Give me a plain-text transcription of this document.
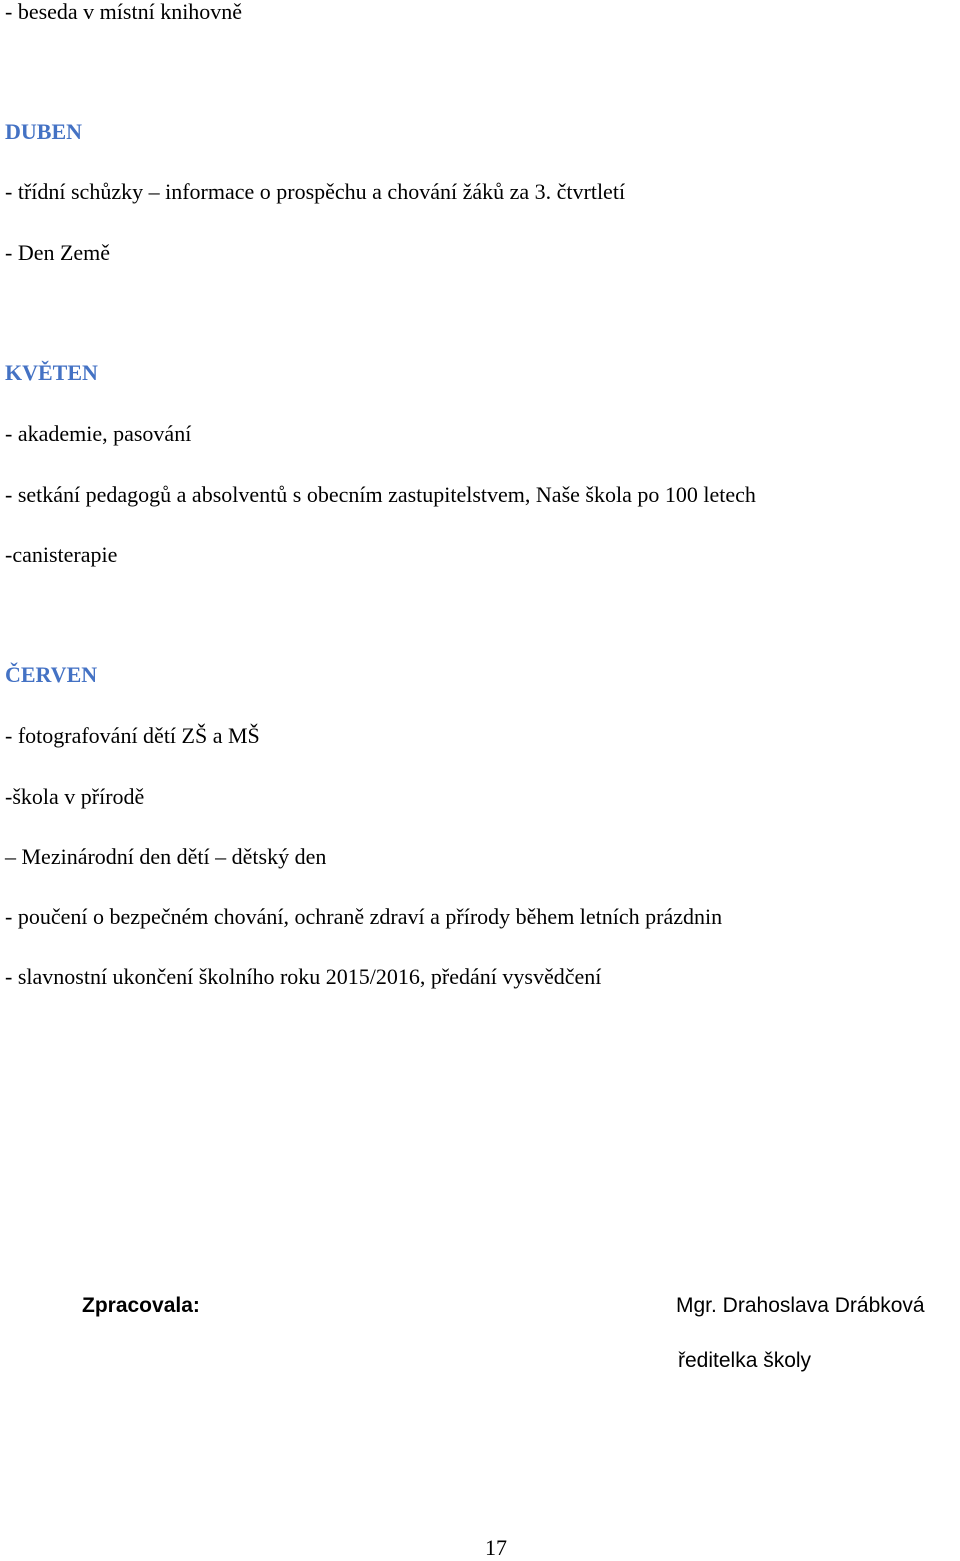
- beseda v místní knihovně
DUBEN
- třídní schůzky – informace o prospěchu a chování žáků za 3. čtvrtletí
- Den Země
KVĚTEN
- akademie, pasování
- setkání pedagogů a absolventů s obecním zastupitelstvem, Naše škola po 100 letech
-canisterapie
ČERVEN
- fotografování dětí ZŠ a MŠ
-škola v přírodě
– Mezinárodní den dětí – dětský den
- poučení o bezpečném chování, ochraně zdraví a přírody během letních prázdnin
- slavnostní ukončení školního roku 2015/2016, předání vysvědčení
Zpracovala:	Mgr. Drahoslava Drábková
ředitelka školy
17
